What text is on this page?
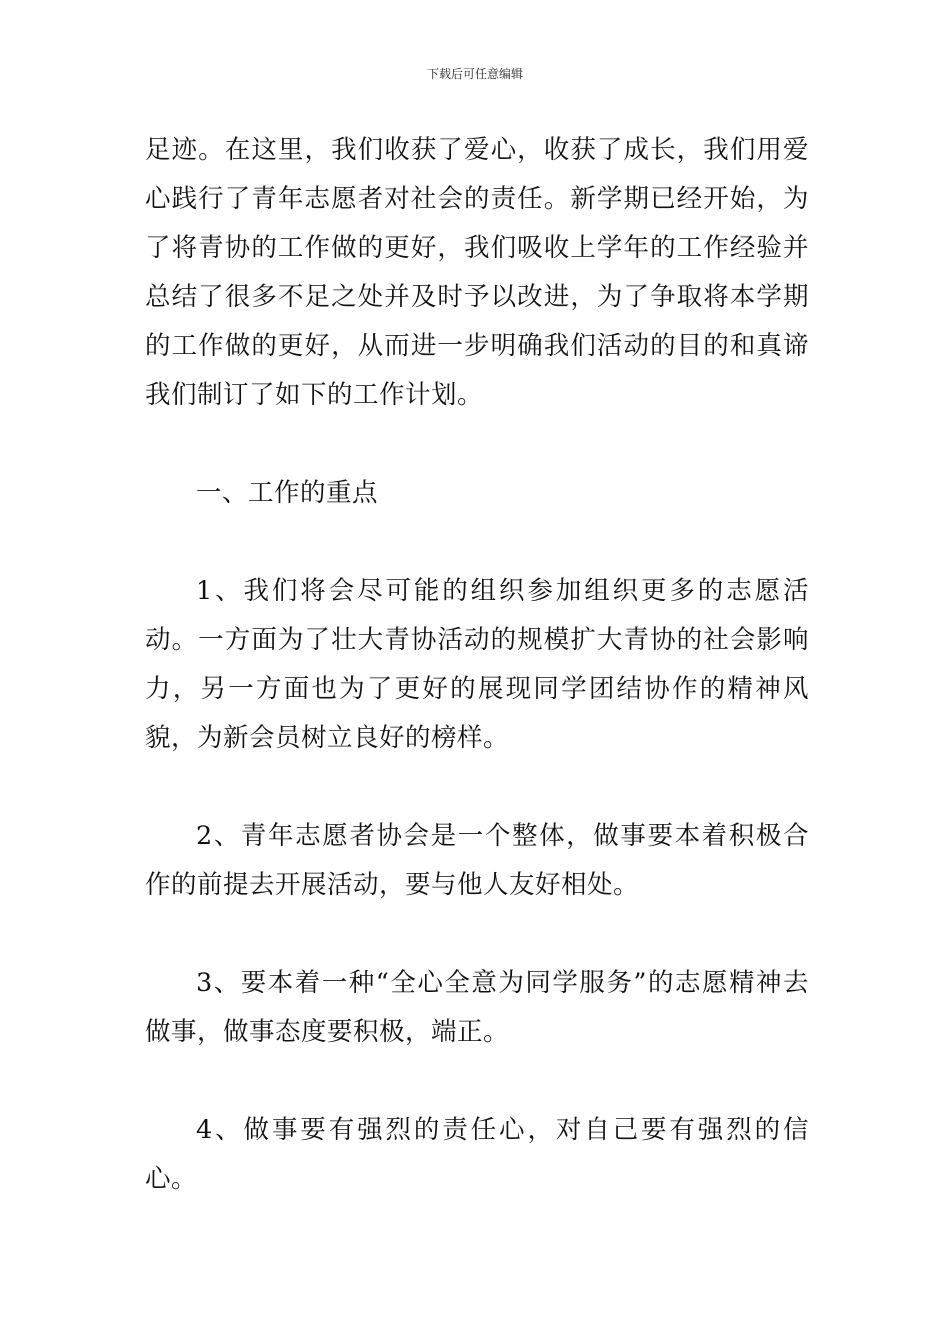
下载后可任意编辑

足迹。在这里，我们收获了爱心，收获了成长，我们用爱心践行了青年志愿者对社会的责任。新学期已经开始，为了将青协的工作做的更好，我们吸收上学年的工作经验并总结了很多不足之处并及时予以改进，为了争取将本学期的工作做的更好，从而进一步明确我们活动的目的和真谛我们制订了如下的工作计划。

一、工作的重点

1、我们将会尽可能的组织参加组织更多的志愿活动。一方面为了壮大青协活动的规模扩大青协的社会影响力，另一方面也为了更好的展现同学团结协作的精神风貌，为新会员树立良好的榜样。

2、青年志愿者协会是一个整体，做事要本着积极合作的前提去开展活动，要与他人友好相处。

3、要本着一种“全心全意为同学服务”的志愿精神去做事，做事态度要积极，端正。

4、做事要有强烈的责任心，对自己要有强烈的信心。
